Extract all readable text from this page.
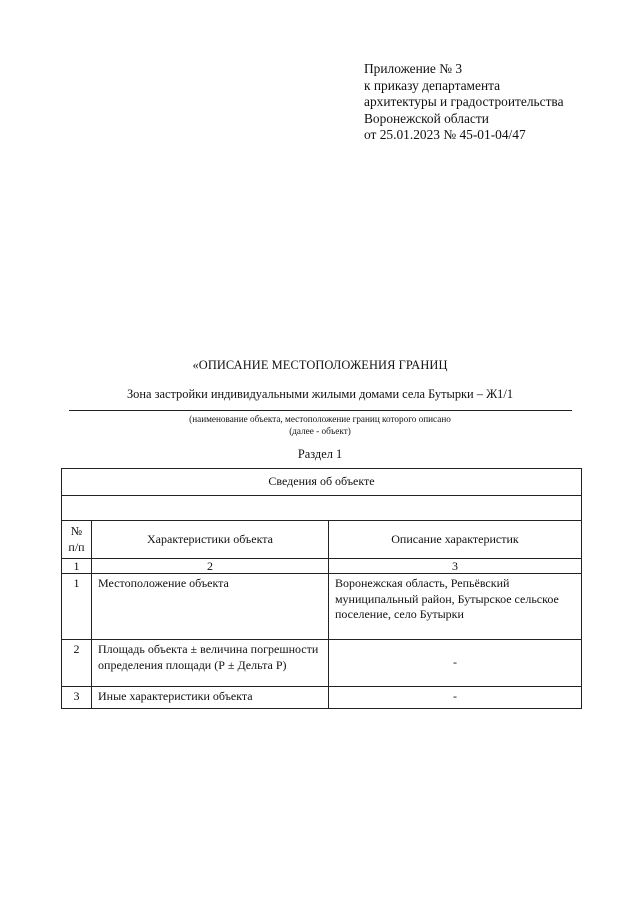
Приложение № 3
к приказу департамента
архитектуры и градостроительства
Воронежской области
от 25.01.2023 № 45-01-04/47
«ОПИСАНИЕ МЕСТОПОЛОЖЕНИЯ ГРАНИЦ
Зона застройки индивидуальными жилыми домами села Бутырки – Ж1/1
(наименование объекта, местоположение границ которого описано
(далее - объект)
Раздел 1
Сведения об объекте		

№ п/п	Характеристики объекта	Описание характеристик
1	2	3
1	Местоположение объекта	Воронежская область, Репьёвский муниципальный район, Бутырское сельское поселение, село Бутырки
2	Площадь объекта ± величина погрешности определения площади (Р ± Дельта Р)	-
3	Иные характеристики объекта	-
